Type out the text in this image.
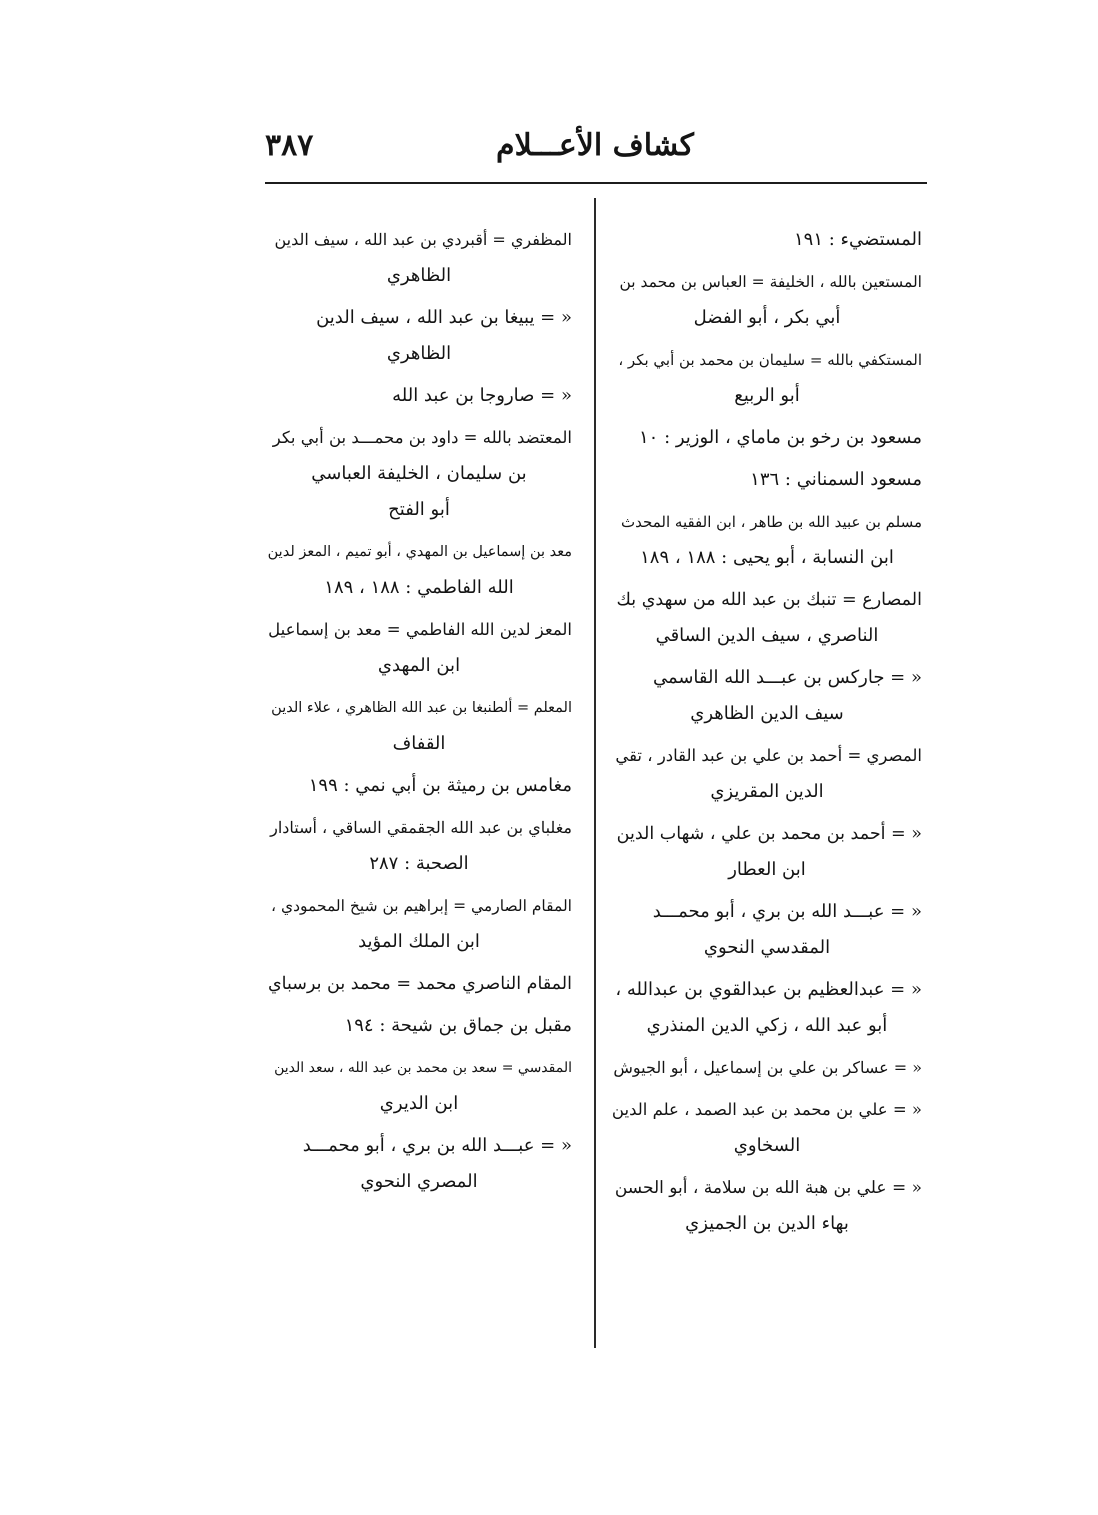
كشاف الأعـــلام
٣٨٧
المستضيء : ١٩١
المستعين بالله ، الخليفة = العباس بن محمد بن
أبي بكر ، أبو الفضل
المستكفي بالله = سليمان بن محمد بن أبي بكر ،
أبو الربيع
مسعود بن رخو بن ماماي ، الوزير : ١٠
مسعود السمناني : ١٣٦
مسلم بن عبيد الله بن طاهر ، ابن الفقيه المحدث
ابن النسابة ، أبو يحيى : ١٨٨ ، ١٨٩
المصارع = تنبك بن عبد الله من سهدي بك
الناصري ، سيف الدين الساقي
« = جاركس بن عبـــد الله القاسمي
سيف الدين الظاهري
المصري = أحمد بن علي بن عبد القادر ، تقي
الدين المقريزي
« = أحمد بن محمد بن علي ، شهاب الدين
ابن العطار
« = عبـــد الله بن بري ، أبو محمـــد
المقدسي النحوي
« = عبدالعظيم بن عبدالقوي بن عبدالله ،
أبو عبد الله ، زكي الدين المنذري
« = عساكر بن علي بن إسماعيل ، أبو الجيوش
« = علي بن محمد بن عبد الصمد ، علم الدين
السخاوي
« = علي بن هبة الله بن سلامة ، أبو الحسن
بهاء الدين بن الجميزي
المظفري = أقبردي بن عبد الله ، سيف الدين
الظاهري
« = يبيغا بن عبد الله ، سيف الدين
الظاهري
« = صاروجا بن عبد الله
المعتضد بالله = داود بن محمـــد بن أبي بكر
بن سليمان ، الخليفة العباسي
أبو الفتح
معد بن إسماعيل بن المهدي ، أبو تميم ، المعز لدين
الله الفاطمي : ١٨٨ ، ١٨٩
المعز لدين الله الفاطمي = معد بن إسماعيل
ابن المهدي
المعلم = ألطنبغا بن عبد الله الظاهري ، علاء الدين
القفاف
مغامس بن رميثة بن أبي نمي : ١٩٩
مغلباي بن عبد الله الجقمقي الساقي ، أستادار
الصحبة : ٢٨٧
المقام الصارمي = إبراهيم بن شيخ المحمودي ،
ابن الملك المؤيد
المقام الناصري محمد = محمد بن برسباي
مقبل بن جماق بن شيحة : ١٩٤
المقدسي = سعد بن محمد بن عبد الله ، سعد الدين
ابن الديري
« = عبـــد الله بن بري ، أبو محمـــد
المصري النحوي
